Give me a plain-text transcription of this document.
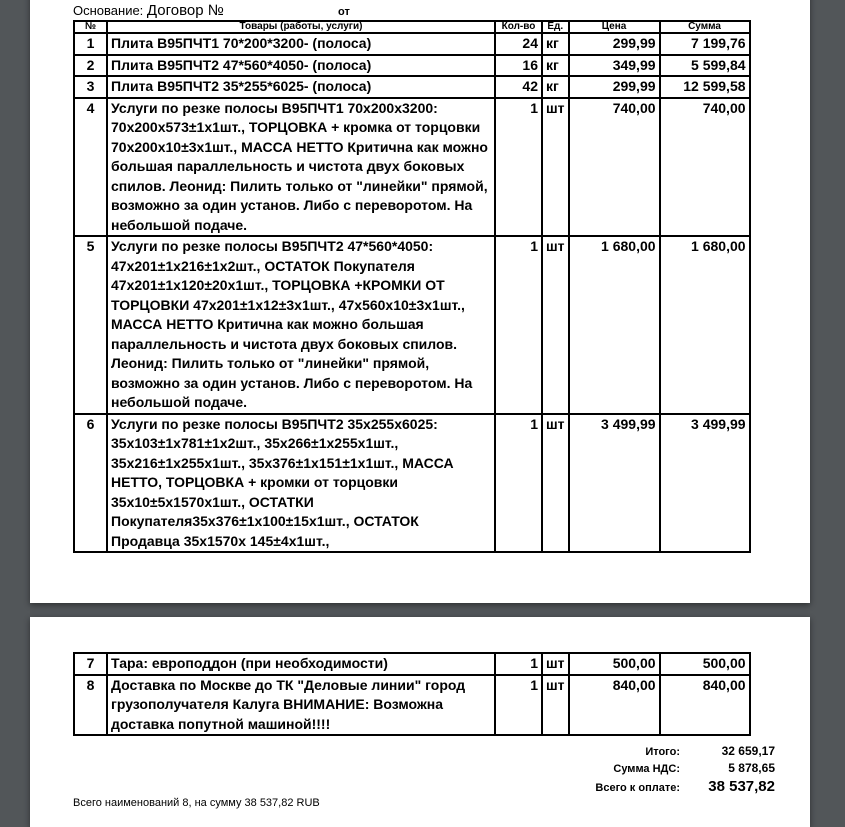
Основание: Договор №	от
№	Товары (работы, услуги)	Кол-во	Ед.	Цена	Сумма
1	Плита В95ПЧТ1 70*200*3200- (полоса)	24	кг	299,99	7 199,76
2	Плита В95ПЧТ2 47*560*4050- (полоса)	16	кг	349,99	5 599,84
3	Плита В95ПЧТ2 35*255*6025- (полоса)	42	кг	299,99	12 599,58
4	Услуги по резке полосы В95ПЧТ1 70х200х3200: 70х200х573±1х1шт., ТОРЦОВКА + кромка от торцовки 70х200х10±3х1шт., МАССА НЕТТО Критична как можно большая параллельность и чистота двух боковых спилов. Леонид: Пилить только от "линейки" прямой, возможно за один установ. Либо с переворотом. На небольшой подаче.	1	шт	740,00	740,00
5	Услуги по резке полосы В95ПЧТ2 47*560*4050: 47х201±1х216±1х2шт., ОСТАТОК Покупателя 47х201±1х120±20х1шт., ТОРЦОВКА +КРОМКИ ОТ ТОРЦОВКИ 47х201±1х12±3х1шт., 47х560х10±3х1шт., МАССА НЕТТО Критична как можно большая параллельность и чистота двух боковых спилов. Леонид: Пилить только от "линейки" прямой, возможно за один установ. Либо с переворотом. На небольшой подаче.	1	шт	1 680,00	1 680,00
6	Услуги по резке полосы В95ПЧТ2 35х255х6025: 35х103±1х781±1х2шт., 35х266±1х255х1шт., 35х216±1х255х1шт., 35х376±1х151±1х1шт., МАССА НЕТТО, ТОРЦОВКА + кромки от торцовки 35х10±5х1570х1шт., ОСТАТКИ Покупателя35х376±1х100±15х1шт., ОСТАТОК Продавца 35х1570х 145±4х1шт.,	1	шт	3 499,99	3 499,99
7	Тара: европоддон (при необходимости)	1	шт	500,00	500,00
8	Доставка по Москве до ТК "Деловые линии" город грузополучателя Калуга ВНИМАНИЕ: Возможна доставка попутной машиной!!!!	1	шт	840,00	840,00
Итого:	32 659,17
Сумма НДС:	5 878,65
Всего к оплате:	38 537,82
Всего наименований 8, на сумму 38 537,82 RUB
